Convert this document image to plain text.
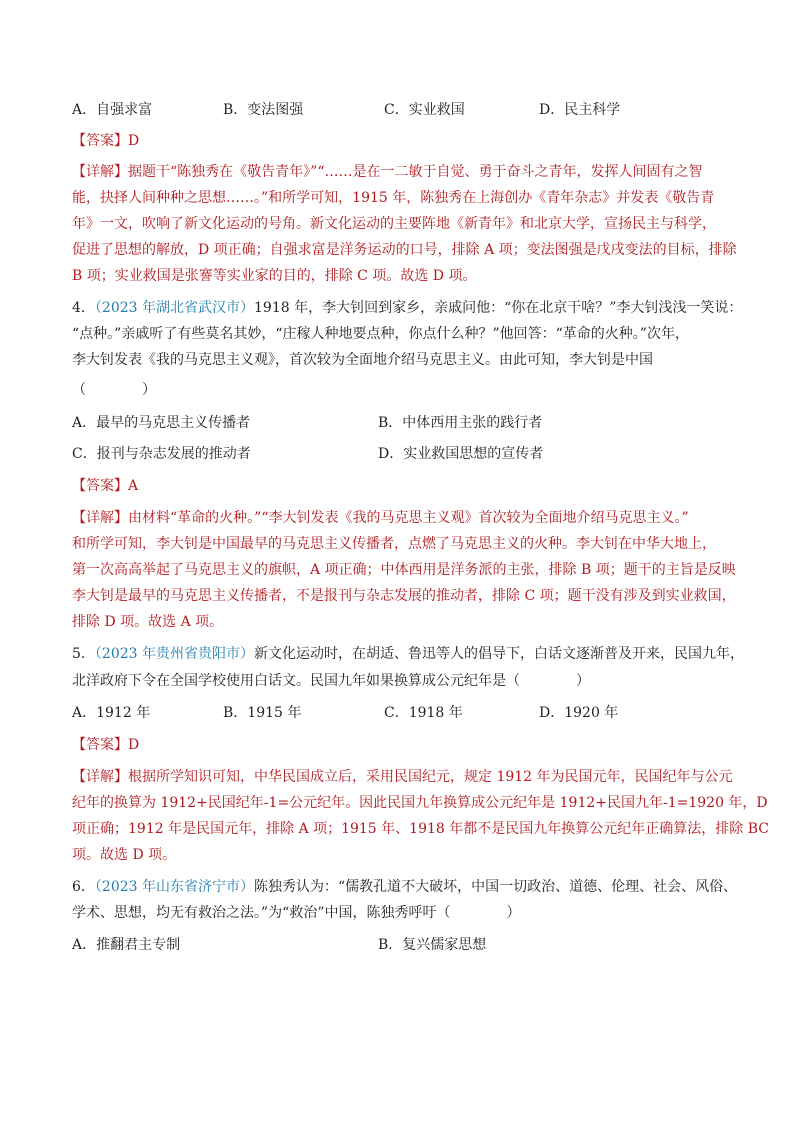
A．自强求富	B．变法图强	C．实业救国	D．民主科学
【答案】D
【详解】据题干“陈独秀在《敬告青年》”“……是在一二敏于自觉、勇于奋斗之青年，发挥人间固有之智
能，抉择人间种种之思想……。”和所学可知，1915 年，陈独秀在上海创办《青年杂志》并发表《敬告青
年》一文，吹响了新文化运动的号角。新文化运动的主要阵地《新青年》和北京大学，宣扬民主与科学，
促进了思想的解放，D 项正确；自强求富是洋务运动的口号，排除 A 项；变法图强是戊戌变法的目标，排除
B 项；实业救国是张謇等实业家的目的，排除 C 项。故选 D 项。
4．（2023 年湖北省武汉市）1918 年，李大钊回到家乡，亲戚问他：“你在北京干啥？”李大钊浅浅一笑说：
“点种。”亲戚听了有些莫名其妙，“庄稼人种地要点种，你点什么种？”他回答：“革命的火种。”次年，
李大钊发表《我的马克思主义观》，首次较为全面地介绍马克思主义。由此可知，李大钊是中国
（　　　　）
A．最早的马克思主义传播者	B．中体西用主张的践行者
C．报刊与杂志发展的推动者	D．实业救国思想的宣传者
【答案】A
【详解】由材料“革命的火种。”“李大钊发表《我的马克思主义观》首次较为全面地介绍马克思主义。”
和所学可知，李大钊是中国最早的马克思主义传播者，点燃了马克思主义的火种。李大钊在中华大地上，
第一次高高举起了马克思主义的旗帜，A 项正确；中体西用是洋务派的主张，排除 B 项；题干的主旨是反映
李大钊是最早的马克思主义传播者，不是报刊与杂志发展的推动者，排除 C 项；题干没有涉及到实业救国，
排除 D 项。故选 A 项。
5．（2023 年贵州省贵阳市）新文化运动时，在胡适、鲁迅等人的倡导下，白话文逐渐普及开来，民国九年，
北洋政府下令在全国学校使用白话文。民国九年如果换算成公元纪年是（　　　　）
A．1912 年	B．1915 年	C．1918 年	D．1920 年
【答案】D
【详解】根据所学知识可知，中华民国成立后，采用民国纪元，规定 1912 年为民国元年，民国纪年与公元
纪年的换算为 1912+民国纪年-1=公元纪年。因此民国九年换算成公元纪年是 1912+民国九年-1=1920 年，D
项正确；1912 年是民国元年，排除 A 项；1915 年、1918 年都不是民国九年换算公元纪年正确算法，排除 BC
项。故选 D 项。
6．（2023 年山东省济宁市）陈独秀认为：“儒教孔道不大破坏，中国一切政治、道德、伦理、社会、风俗、
学术、思想，均无有救治之法。”为“救治”中国，陈独秀呼吁（　　　　）
A．推翻君主专制	B．复兴儒家思想
